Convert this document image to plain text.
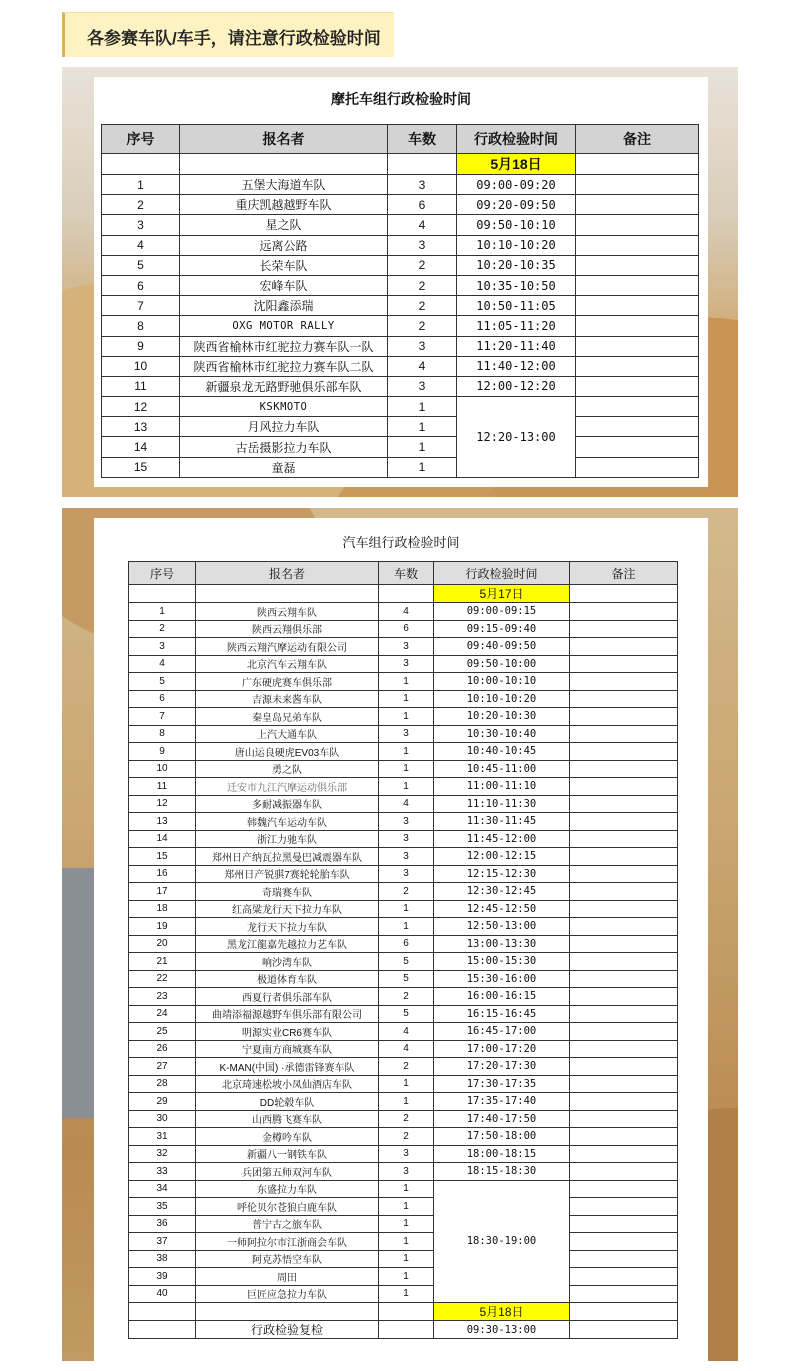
各参赛车队/车手，请注意行政检验时间
摩托车组行政检验时间
序号	报名者	车数	行政检验时间	备注
			5月18日	
1	五堡大海道车队	3	09:00-09:20	
2	重庆凯越越野车队	6	09:20-09:50	
3	星之队	4	09:50-10:10	
4	远离公路	3	10:10-10:20	
5	长荣车队	2	10:20-10:35	
6	宏峰车队	2	10:35-10:50	
7	沈阳鑫添瑞	2	10:50-11:05	
8	OXG MOTOR RALLY	2	11:05-11:20	
9	陕西省榆林市红驼拉力赛车队一队	3	11:20-11:40	
10	陕西省榆林市红驼拉力赛车队二队	4	11:40-12:00	
11	新疆泉龙无路野驰俱乐部车队	3	12:00-12:20	
12	KSKMOTO	1	12:20-13:00	
13	月风拉力车队	1		
14	古岳摄影拉力车队	1		
15	童磊	1		
汽车组行政检验时间
序号	报名者	车数	行政检验时间	备注
			5月17日	
1	陕西云翔车队	4	09:00-09:15	
2	陕西云翔俱乐部	6	09:15-09:40	
3	陕西云翔汽摩运动有限公司	3	09:40-09:50	
4	北京汽车云翔车队	3	09:50-10:00	
5	广东硬虎赛车俱乐部	1	10:00-10:10	
6	吉源未来酱车队	1	10:10-10:20	
7	秦皇岛兄弟车队	1	10:20-10:30	
8	上汽大通车队	3	10:30-10:40	
9	唐山运良硬虎EV03车队	1	10:40-10:45	
10	勇之队	1	10:45-11:00	
11	迁安市九江汽摩运动俱乐部	1	11:00-11:10	
12	多耐减振器车队	4	11:10-11:30	
13	韩魏汽车运动车队	3	11:30-11:45	
14	浙江力驰车队	3	11:45-12:00	
15	郑州日产纳瓦拉黑曼巴减震器车队	3	12:00-12:15	
16	郑州日产锐骐7赛轮轮胎车队	3	12:15-12:30	
17	奇瑞赛车队	2	12:30-12:45	
18	红高粱龙行天下拉力车队	1	12:45-12:50	
19	龙行天下拉力车队	1	12:50-13:00	
20	黑龙江龍嘉先越拉力艺车队	6	13:00-13:30	
21	响沙湾车队	5	15:00-15:30	
22	极道体育车队	5	15:30-16:00	
23	西夏行者俱乐部车队	2	16:00-16:15	
24	曲靖添福源越野车俱乐部有限公司	5	16:15-16:45	
25	明源实业CR6赛车队	4	16:45-17:00	
26	宁夏南方商城赛车队	4	17:00-17:20	
27	K-MAN(中国) ·承德雷锋赛车队	2	17:20-17:30	
28	北京琦速松坡小凤仙酒店车队	1	17:30-17:35	
29	DD轮毂车队	1	17:35-17:40	
30	山西腾飞赛车队	2	17:40-17:50	
31	金樽吟车队	2	17:50-18:00	
32	新疆八一钢铁车队	3	18:00-18:15	
33	兵团第五师双河车队	3	18:15-18:30	
34	东盛拉力车队	1	18:30-19:00	
35	呼伦贝尔苍狼白鹿车队	1		
36	普宁古之旅车队	1		
37	一师阿拉尔市江浙商会车队	1		
38	阿克苏悟空车队	1		
39	周田	1		
40	巨匠应急拉力车队	1		
			5月18日	
	行政检验复检		09:30-13:00	
